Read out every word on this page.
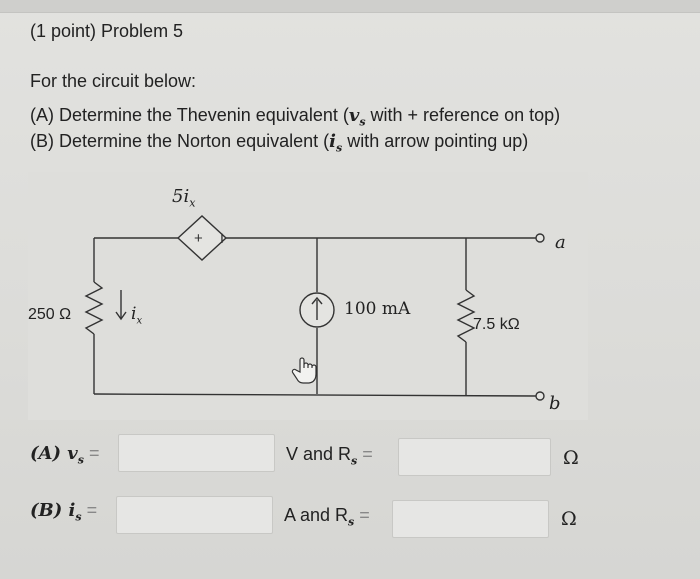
(1 point) Problem 5
For the circuit below:
(A) Determine the Thevenin equivalent ($v_s$ with + reference on top)
(B) Determine the Norton equivalent ($i_s$ with arrow pointing up)
$5i_x$
+ I
100 mA
250 Ω
7.5 kΩ
$i_x$
a
b
(A) $v_s$ =	V and $R_s$ =	Ω
(B) $i_s$ =	A and $R_s$ =	Ω
